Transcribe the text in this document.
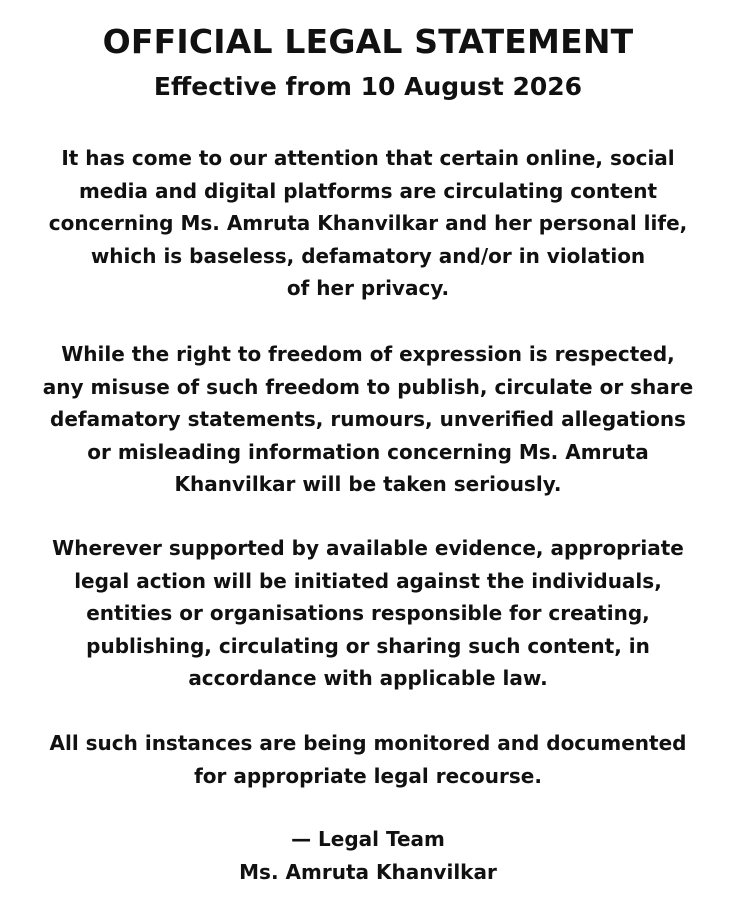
OFFICIAL LEGAL STATEMENT
Effective from 10 August 2026

It has come to our attention that certain online, social
media and digital platforms are circulating content
concerning Ms. Amruta Khanvilkar and her personal life,
which is baseless, defamatory and/or in violation
of her privacy.

While the right to freedom of expression is respected,
any misuse of such freedom to publish, circulate or share
defamatory statements, rumours, unverified allegations
or misleading information concerning Ms. Amruta
Khanvilkar will be taken seriously.

Wherever supported by available evidence, appropriate
legal action will be initiated against the individuals,
entities or organisations responsible for creating,
publishing, circulating or sharing such content, in
accordance with applicable law.

All such instances are being monitored and documented
for appropriate legal recourse.

— Legal Team
Ms. Amruta Khanvilkar
